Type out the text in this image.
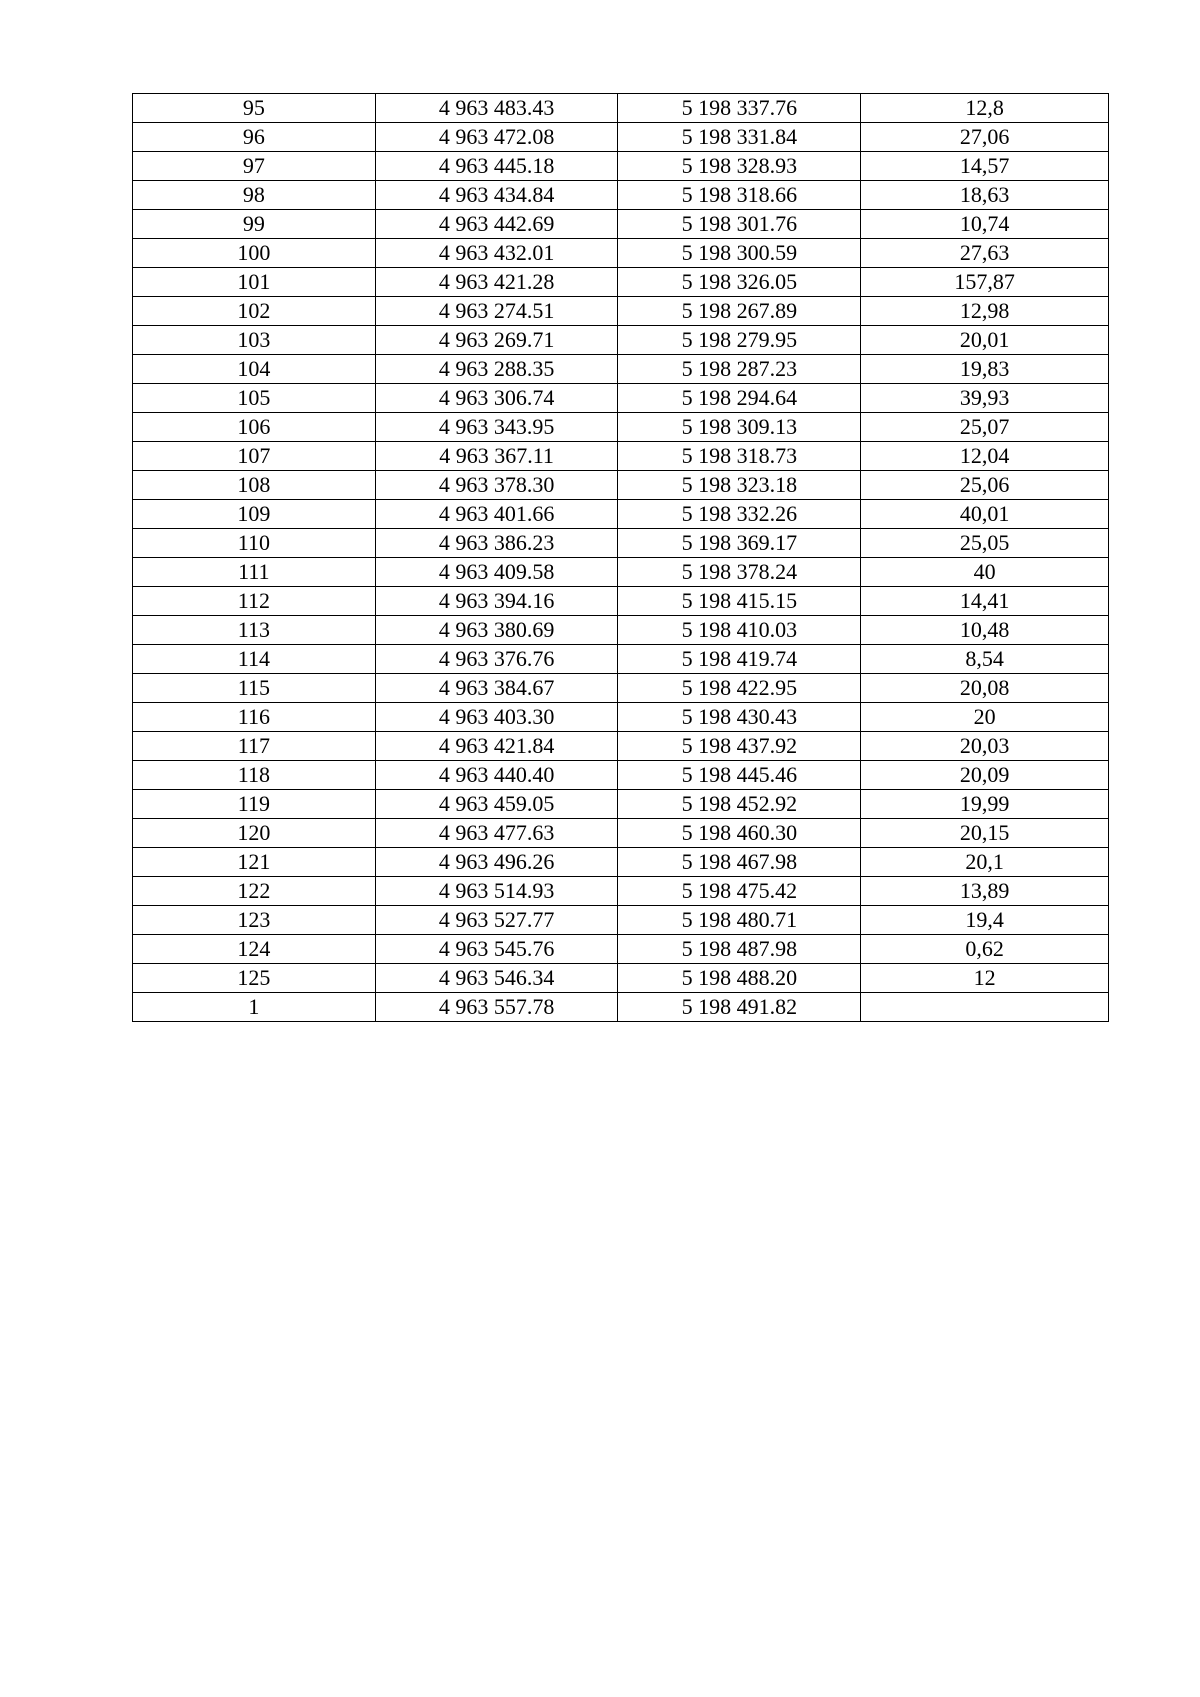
95	4 963 483.43	5 198 337.76	12,8
96	4 963 472.08	5 198 331.84	27,06
97	4 963 445.18	5 198 328.93	14,57
98	4 963 434.84	5 198 318.66	18,63
99	4 963 442.69	5 198 301.76	10,74
100	4 963 432.01	5 198 300.59	27,63
101	4 963 421.28	5 198 326.05	157,87
102	4 963 274.51	5 198 267.89	12,98
103	4 963 269.71	5 198 279.95	20,01
104	4 963 288.35	5 198 287.23	19,83
105	4 963 306.74	5 198 294.64	39,93
106	4 963 343.95	5 198 309.13	25,07
107	4 963 367.11	5 198 318.73	12,04
108	4 963 378.30	5 198 323.18	25,06
109	4 963 401.66	5 198 332.26	40,01
110	4 963 386.23	5 198 369.17	25,05
111	4 963 409.58	5 198 378.24	40
112	4 963 394.16	5 198 415.15	14,41
113	4 963 380.69	5 198 410.03	10,48
114	4 963 376.76	5 198 419.74	8,54
115	4 963 384.67	5 198 422.95	20,08
116	4 963 403.30	5 198 430.43	20
117	4 963 421.84	5 198 437.92	20,03
118	4 963 440.40	5 198 445.46	20,09
119	4 963 459.05	5 198 452.92	19,99
120	4 963 477.63	5 198 460.30	20,15
121	4 963 496.26	5 198 467.98	20,1
122	4 963 514.93	5 198 475.42	13,89
123	4 963 527.77	5 198 480.71	19,4
124	4 963 545.76	5 198 487.98	0,62
125	4 963 546.34	5 198 488.20	12
1	4 963 557.78	5 198 491.82	
